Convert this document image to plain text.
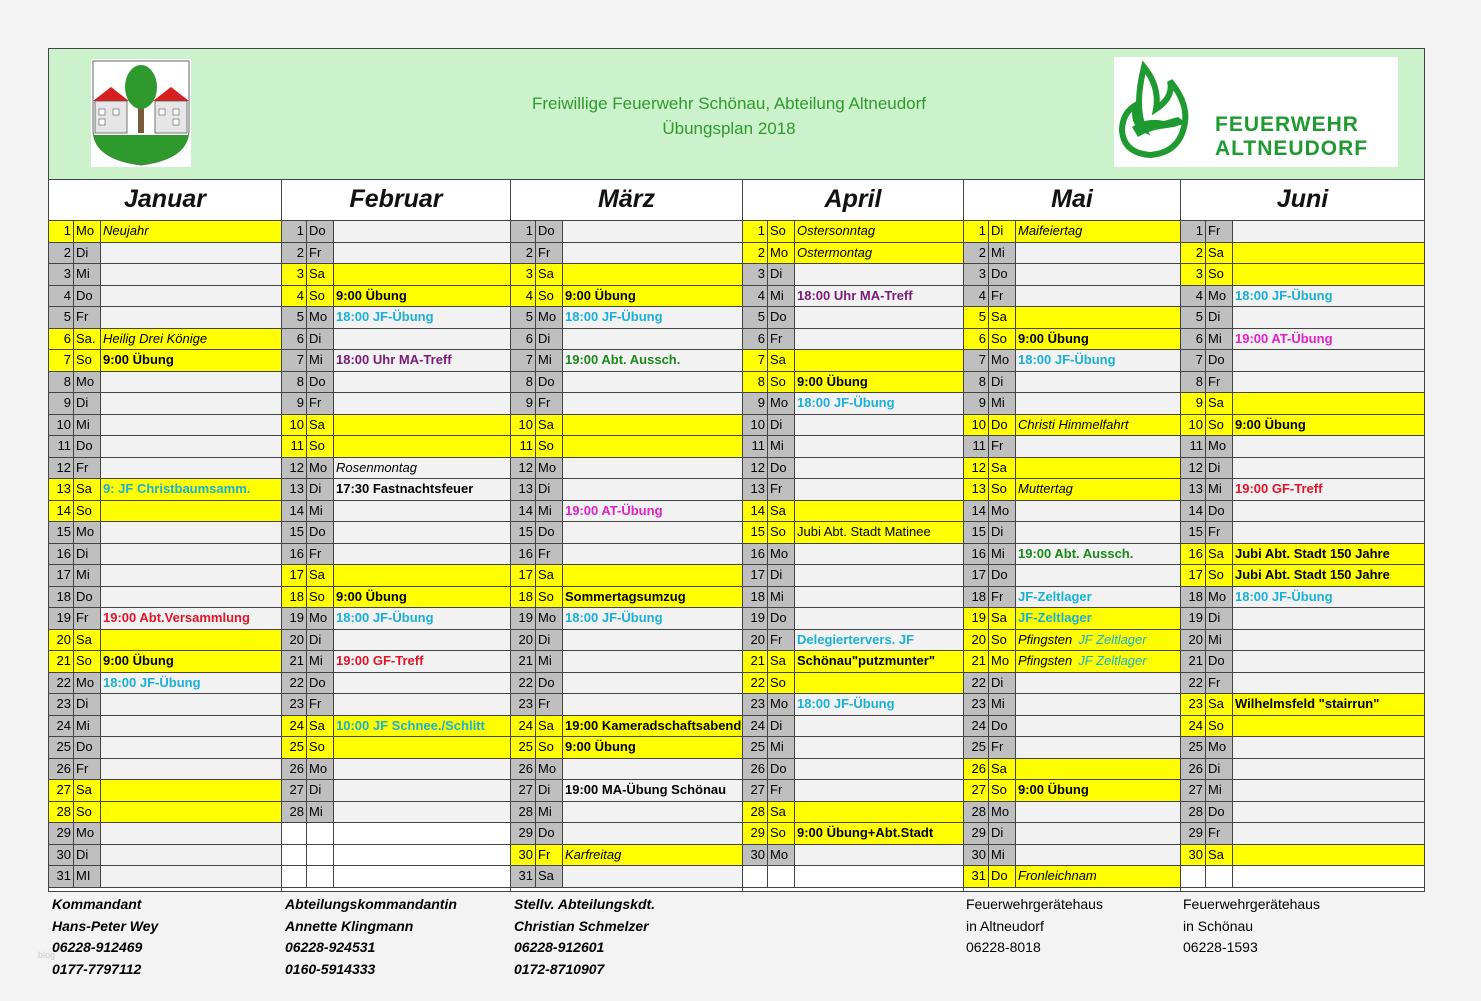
Freiwillige Feuerwehr Schönau, Abteilung Altneudorf
Übungsplan 2018	FEUERWEHR
ALTNEUDORF
Januar
1 Mo Neujahr
2 Di
3 Mi
4 Do
5 Fr
6 Sa. Heilig Drei Könige
7 So 9:00 Übung
8 Mo
9 Di
10 Mi
11 Do
12 Fr
13 Sa 9: JF Christbaumsamm.
14 So
15 Mo
16 Di
17 Mi
18 Do
19 Fr	19:00 Abt.Versammlung
20 Sa
21 So 9:00 Übung
22 Mo 18:00 JF-Übung
23 Di
24 Mi
25 Do
26 Fr
27 Sa
28 So
29 Mo
30 Di
31 MI
Februar
1 Do
2 Fr
3 Sa
4 So 9:00 Übung
5 Mo 18:00 JF-Übung
6 Di
7 Mi	18:00 Uhr MA-Treff
8 Do
9 Fr
10 Sa
11 So
12 Mo Rosenmontag
13 Di	17:30 Fastnachtsfeuer
14 Mi
15 Do
16 Fr
17 Sa
18 So 9:00 Übung
19 Mo 18:00 JF-Übung
20 Di
21 Mi	19:00 GF-Treff
22 Do
23 Fr
24 Sa 10:00 JF Schnee./Schlitt
25 So
26 Mo
27 Di
28 Mi
März
1 Do
2 Fr
3 Sa
4 So 9:00 Übung
5 Mo 18:00 JF-Übung
6 Di
7 Mi	19:00 Abt. Aussch.
8 Do
9 Fr
10 Sa
11 So
12 Mo
13 Di
14 Mi	19:00 AT-Übung
15 Do
16 Fr
17 Sa
18 So Sommertagsumzug
19 Mo 18:00 JF-Übung
20 Di
21 Mi
22 Do
23 Fr
24 Sa 19:00 Kameradschaftsabend
25 So 9:00 Übung
26 Mo
27 Di	19:00 MA-Übung Schönau
28 Mi
29 Do
30 Fr	Karfreitag
31 Sa
April
1 So Ostersonntag
2 Mo Ostermontag
3 Di
4 Mi	18:00 Uhr MA-Treff
5 Do
6 Fr
7 Sa
8 So 9:00 Übung
9 Mo 18:00 JF-Übung
10 Di
11 Mi
12 Do
13 Fr
14 Sa
15 So Jubi Abt. Stadt Matinee
16 Mo
17 Di
18 Mi
19 Do
20 Fr	Delegiertervers. JF
21 Sa Schönau"putzmunter"
22 So
23 Mo 18:00 JF-Übung
24 Di
25 Mi
26 Do
27 Fr
28 Sa
29 So 9:00 Übung+Abt.Stadt
30 Mo
Mai
1 Di	Maifeiertag
2 Mi
3 Do
4 Fr
5 Sa
6 So 9:00 Übung
7 Mo 18:00 JF-Übung
8 Di
9 Mi
10 Do Christi Himmelfahrt
11 Fr
12 Sa
13 So Muttertag
14 Mo
15 Di
16 Mi	19:00 Abt. Aussch.
17 Do
18 Fr	JF-Zeltlager
19 Sa JF-Zeltlager
20 So Pfingsten JF Zeltlager
21 Mo Pfingsten JF Zeltlager
22 Di
23 Mi
24 Do
25 Fr
26 Sa
27 So 9:00 Übung
28 Mo
29 Di
30 Mi
31 Do Fronleichnam
Juni
1 Fr
2 Sa
3 So
4 Mo 18:00 JF-Übung
5 Di
6 Mi	19:00 AT-Übung
7 Do
8 Fr
9 Sa
10 So 9:00 Übung
11 Mo
12 Di
13 Mi	19:00 GF-Treff
14 Do
15 Fr
16 Sa Jubi Abt. Stadt 150 Jahre
17 So Jubi Abt. Stadt 150 Jahre
18 Mo 18:00 JF-Übung
19 Di
20 Mi
21 Do
22 Fr
23 Sa Wilhelmsfeld "stairrun"
24 So
25 Mo
26 Di
27 Mi
28 Do
29 Fr
30 Sa
Kommandant
Hans-Peter Wey
06228-912469
0177-7797112
Abteilungskommandantin
Annette Klingmann
06228-924531
0160-5914333
Stellv. Abteilungskdt.
Christian Schmelzer
06228-912601
0172-8710907
Feuerwehrgerätehaus
in Altneudorf
06228-8018
Feuerwehrgerätehaus
in Schönau
06228-1593
blog
